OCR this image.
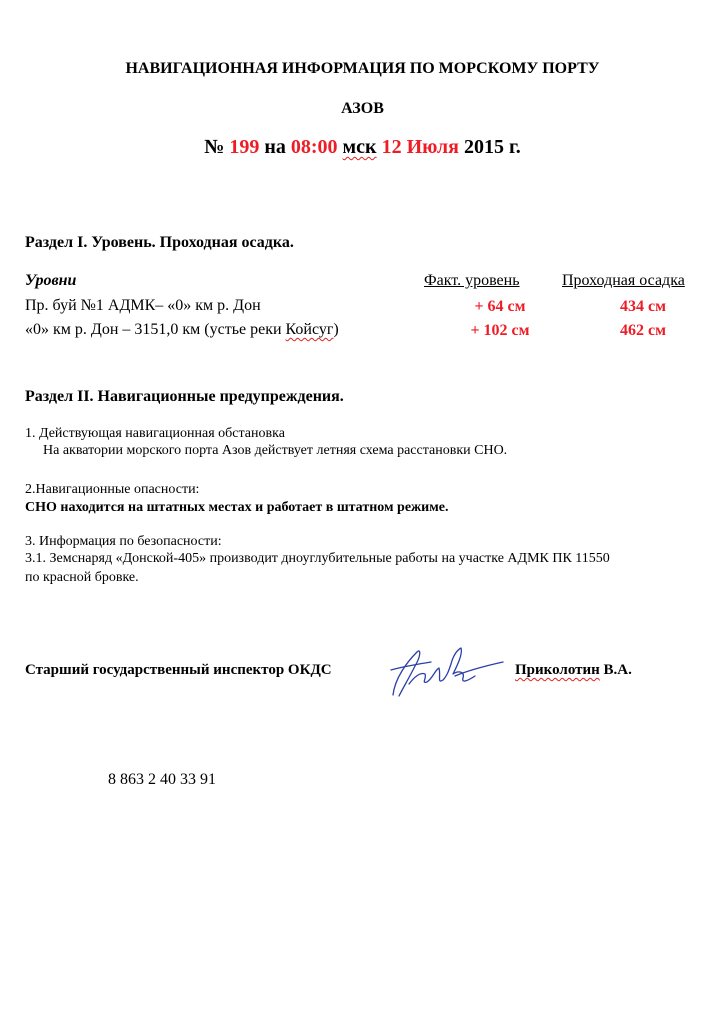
НАВИГАЦИОННАЯ ИНФОРМАЦИЯ ПО МОРСКОМУ ПОРТУ
АЗОВ
№ 199 на 08:00 мск 12 Июля 2015 г.
Раздел I. Уровень. Проходная осадка.
Уровни	Факт. уровень	Проходная осадка
Пр. буй №1 АДМК– «0» км р. Дон	+ 64 см	434 см
«0» км р. Дон – 3151,0 км (устье реки Койсуг)	+ 102 см	462 см
Раздел II. Навигационные предупреждения.
1. Действующая навигационная обстановка
На акватории морского порта Азов действует летняя схема расстановки СНО.
2.Навигационные опасности:
СНО находится на штатных местах и работает в штатном режиме.
3. Информация по безопасности:
3.1. Земснаряд «Донской-405» производит дноуглубительные работы на участке АДМК ПК 11550
по красной бровке.
Старший государственный инспектор ОКДС	Приколотин В.А.
8 863 2 40 33 91
